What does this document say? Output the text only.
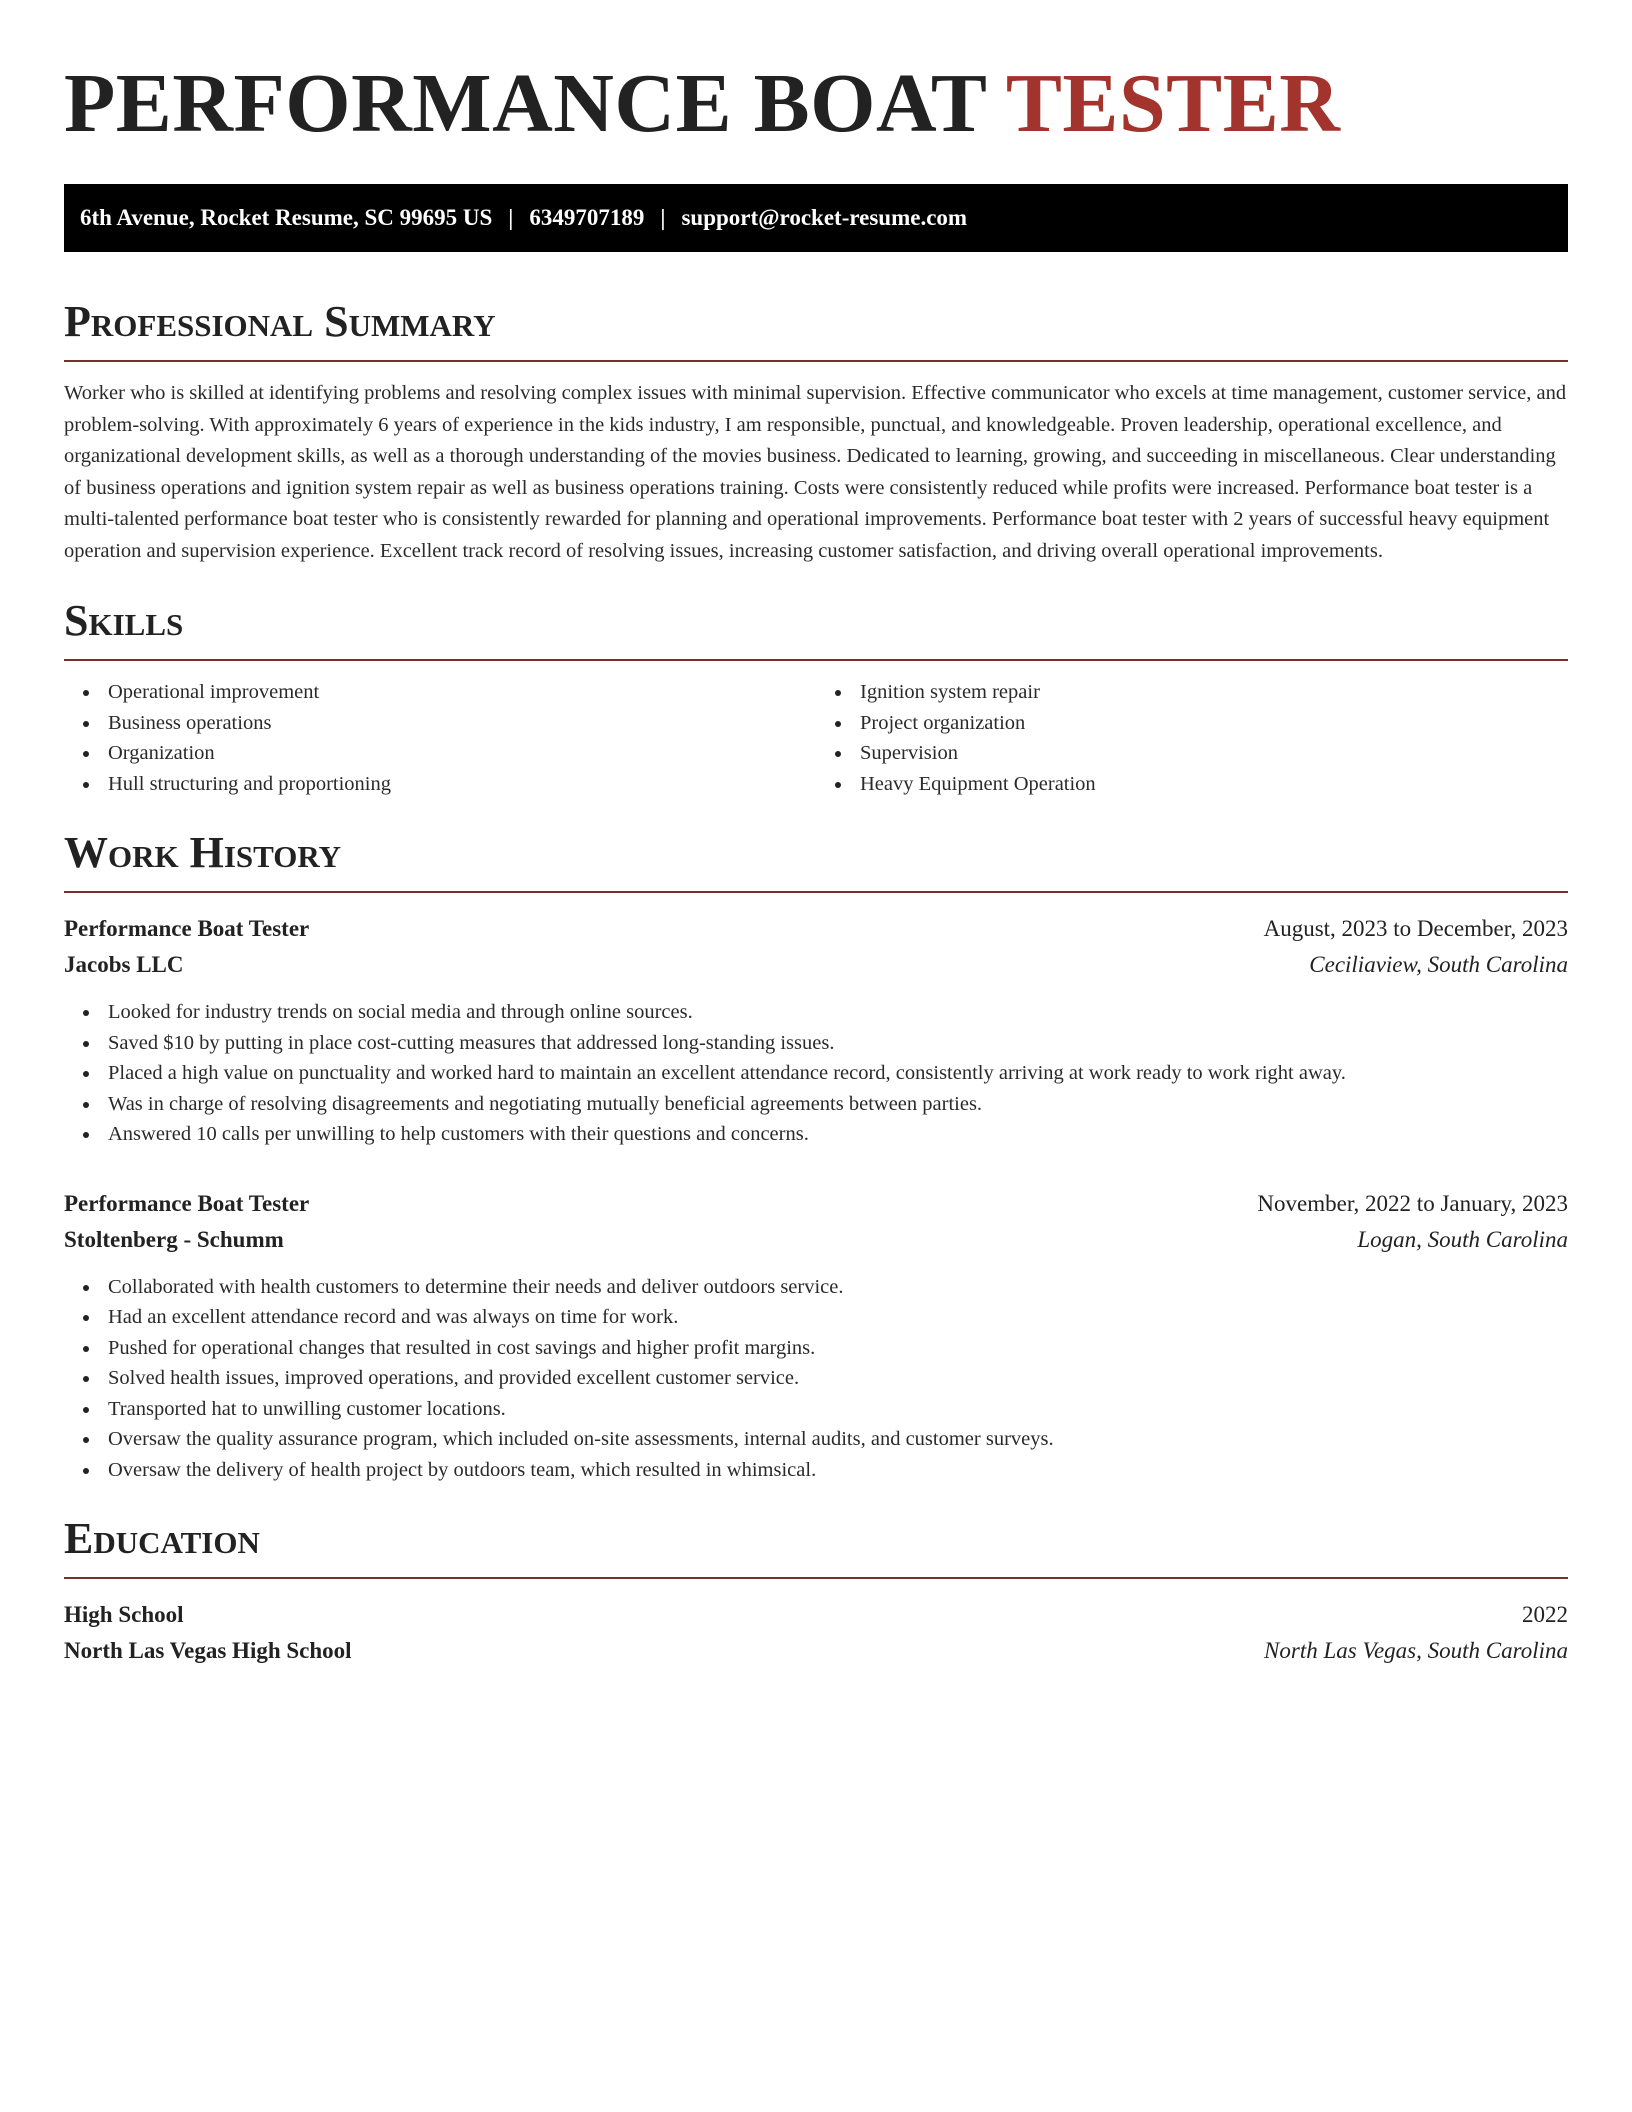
PERFORMANCE BOAT TESTER
6th Avenue, Rocket Resume, SC 99695 US | 6349707189 | support@rocket-resume.com
Professional Summary

Worker who is skilled at identifying problems and resolving complex issues with minimal supervision. Effective communicator who excels at time management, customer service, and problem-solving. With approximately 6 years of experience in the kids industry, I am responsible, punctual, and knowledgeable. Proven leadership, operational excellence, and organizational development skills, as well as a thorough understanding of the movies business. Dedicated to learning, growing, and succeeding in miscellaneous. Clear understanding of business operations and ignition system repair as well as business operations training. Costs were consistently reduced while profits were increased. Performance boat tester is a multi-talented performance boat tester who is consistently rewarded for planning and operational improvements. Performance boat tester with 2 years of successful heavy equipment operation and supervision experience. Excellent track record of resolving issues, increasing customer satisfaction, and driving overall operational improvements.

Skills
Operational improvement
Business operations
Organization
Hull structuring and proportioning
Ignition system repair
Project organization
Supervision
Heavy Equipment Operation
Work History
Performance Boat Tester	August, 2023 to December, 2023
Jacobs LLC	Ceciliaview, South Carolina
Looked for industry trends on social media and through online sources.
Saved $10 by putting in place cost-cutting measures that addressed long-standing issues.
Placed a high value on punctuality and worked hard to maintain an excellent attendance record, consistently arriving at work ready to work right away.
Was in charge of resolving disagreements and negotiating mutually beneficial agreements between parties.
Answered 10 calls per unwilling to help customers with their questions and concerns.
Performance Boat Tester	November, 2022 to January, 2023
Stoltenberg - Schumm	Logan, South Carolina
Collaborated with health customers to determine their needs and deliver outdoors service.
Had an excellent attendance record and was always on time for work.
Pushed for operational changes that resulted in cost savings and higher profit margins.
Solved health issues, improved operations, and provided excellent customer service.
Transported hat to unwilling customer locations.
Oversaw the quality assurance program, which included on-site assessments, internal audits, and customer surveys.
Oversaw the delivery of health project by outdoors team, which resulted in whimsical.
Education
High School	2022
North Las Vegas High School	North Las Vegas, South Carolina
